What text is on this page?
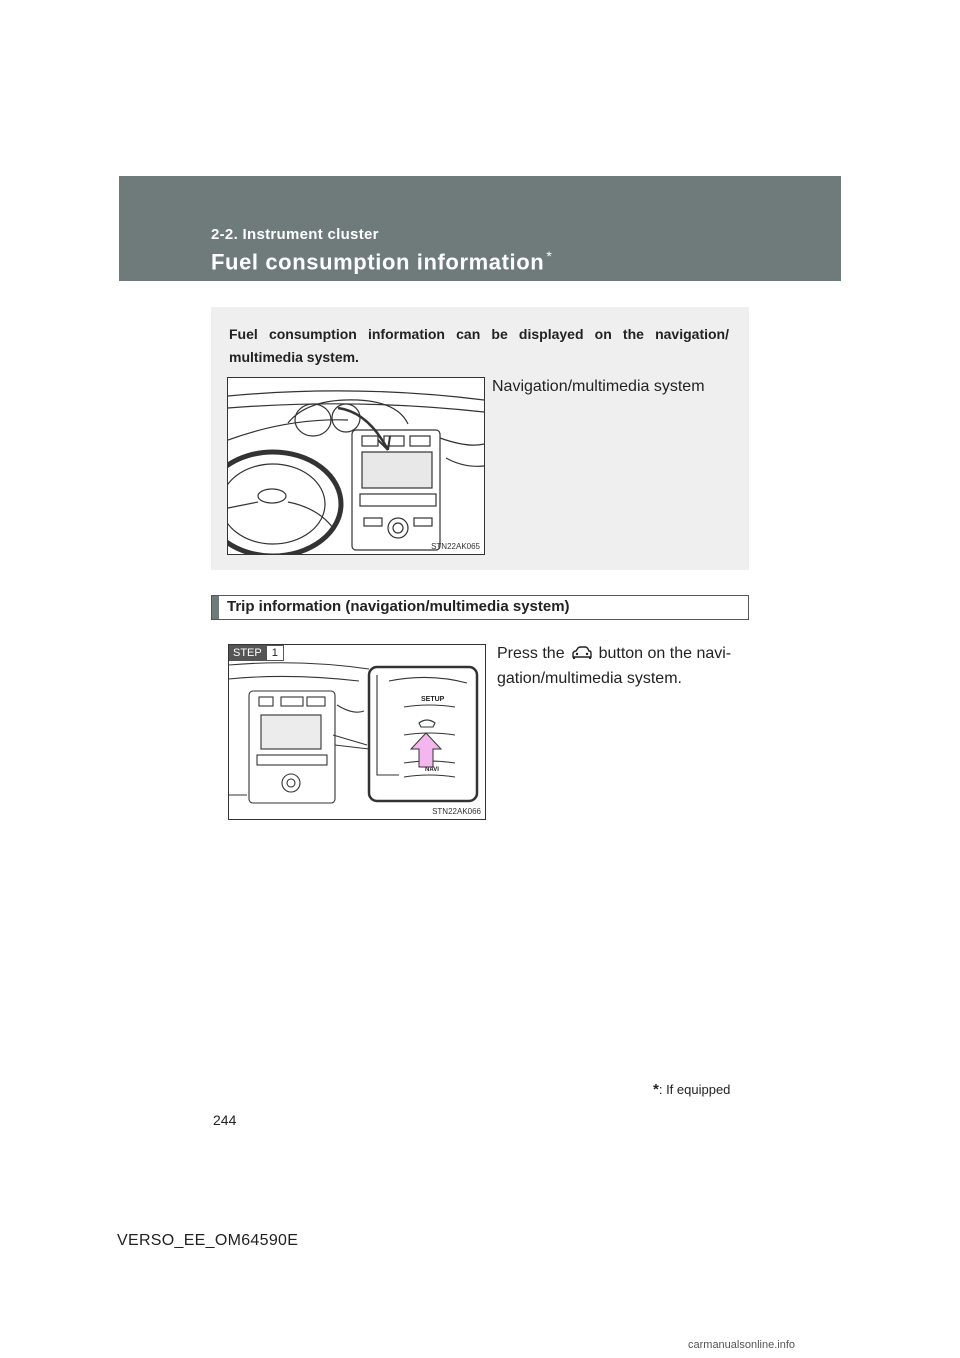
2-2. Instrument cluster
Fuel consumption information *
Fuel consumption information can be displayed on the navigation/ multimedia system.
STN22AK065
Navigation/multimedia system
Trip information (navigation/multimedia system)
SETUP
NAVI
STEP 1
STN22AK066
Press the button on the navi- gation/multimedia system.
*: If equipped
244
VERSO_EE_OM64590E
carmanualsonline.info
